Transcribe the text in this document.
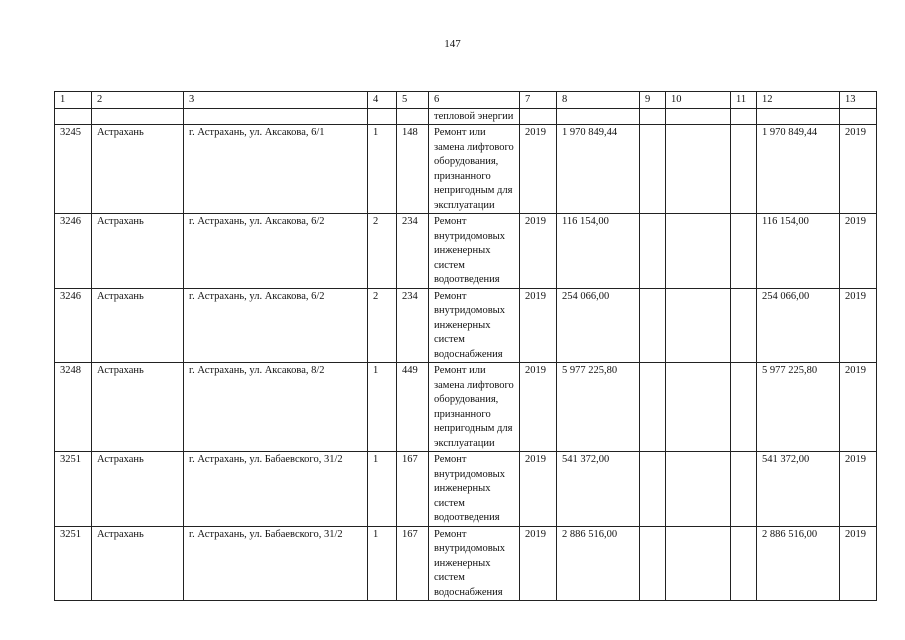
147
1	2	3	4	5	6	7	8	9	10	11	12	13
					тепловой энергии							
3245	Астрахань	г. Астрахань, ул. Аксакова, 6/1	1	148	Ремонт или замена лифтового оборудования, признанного непригодным для эксплуатации	2019	1 970 849,44				1 970 849,44	2019
3246	Астрахань	г. Астрахань, ул. Аксакова, 6/2	2	234	Ремонт внутридомовых инженерных систем водоотведения	2019	116 154,00				116 154,00	2019
3246	Астрахань	г. Астрахань, ул. Аксакова, 6/2	2	234	Ремонт внутридомовых инженерных систем водоснабжения	2019	254 066,00				254 066,00	2019
3248	Астрахань	г. Астрахань, ул. Аксакова, 8/2	1	449	Ремонт или замена лифтового оборудования, признанного непригодным для эксплуатации	2019	5 977 225,80				5 977 225,80	2019
3251	Астрахань	г. Астрахань, ул. Бабаевского, 31/2	1	167	Ремонт внутридомовых инженерных систем водоотведения	2019	541 372,00				541 372,00	2019
3251	Астрахань	г. Астрахань, ул. Бабаевского, 31/2	1	167	Ремонт внутридомовых инженерных систем водоснабжения	2019	2 886 516,00				2 886 516,00	2019
